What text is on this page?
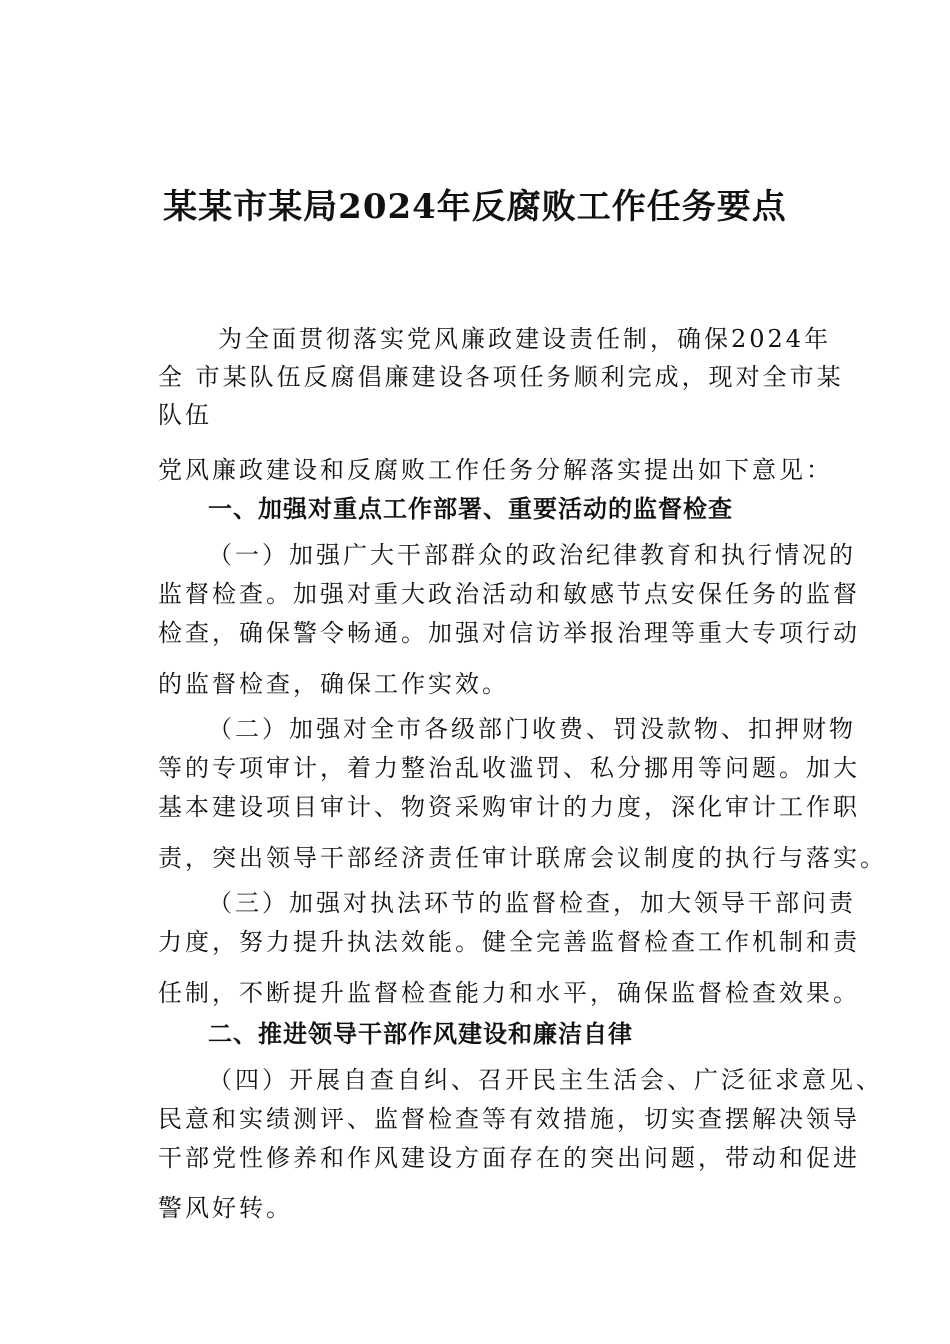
某某市某局2024年反腐败工作任务要点
为全面贯彻落实党风廉政建设责任制，确保2024年
全 市某队伍反腐倡廉建设各项任务顺利完成，现对全市某
队伍
党风廉政建设和反腐败工作任务分解落实提出如下意见：
一、加强对重点工作部署、重要活动的监督检查
（一）加强广大干部群众的政治纪律教育和执行情况的
监督检查。加强对重大政治活动和敏感节点安保任务的监督
检查，确保警令畅通。加强对信访举报治理等重大专项行动
的监督检查，确保工作实效。
（二）加强对全市各级部门收费、罚没款物、扣押财物
等的专项审计，着力整治乱收滥罚、私分挪用等问题。加大
基本建设项目审计、物资采购审计的力度，深化审计工作职
责，突出领导干部经济责任审计联席会议制度的执行与落实。
（三）加强对执法环节的监督检查，加大领导干部问责
力度，努力提升执法效能。健全完善监督检查工作机制和责
任制，不断提升监督检查能力和水平，确保监督检查效果。
二、推进领导干部作风建设和廉洁自律
（四）开展自查自纠、召开民主生活会、广泛征求意见、
民意和实绩测评、监督检查等有效措施，切实查摆解决领导
干部党性修养和作风建设方面存在的突出问题，带动和促进
警风好转。
